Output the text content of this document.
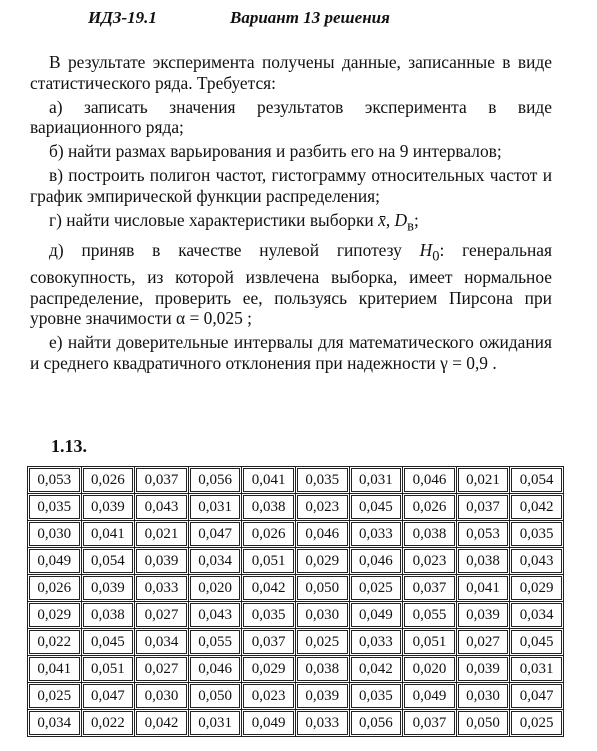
ИДЗ-19.1	Вариант 13 решения

В результате эксперимента получены данные, записанные в виде статистического ряда. Требуется:

а) записать значения результатов эксперимента в виде вариационного ряда;

б) найти размах варьирования и разбить его на 9 интервалов;

в) построить полигон частот, гистограмму относительных частот и график эмпирической функции распределения;

г) найти числовые характеристики выборки x̄, $D_в$;

д) приняв в качестве нулевой гипотезу $H_0$: генеральная совокупность, из которой извлечена выборка, имеет нормальное распределение, проверить ее, пользуясь критерием Пирсона при уровне значимости α = 0,025 ;

е) найти доверительные интервалы для математического ожидания и среднего квадратичного отклонения при надежности γ = 0,9 .

1.13.
0,053	0,026	0,037	0,056	0,041	0,035	0,031	0,046	0,021	0,054

0,035	0,039	0,043	0,031	0,038	0,023	0,045	0,026	0,037	0,042

0,030	0,041	0,021	0,047	0,026	0,046	0,033	0,038	0,053	0,035

0,049	0,054	0,039	0,034	0,051	0,029	0,046	0,023	0,038	0,043

0,026	0,039	0,033	0,020	0,042	0,050	0,025	0,037	0,041	0,029

0,029	0,038	0,027	0,043	0,035	0,030	0,049	0,055	0,039	0,034

0,022	0,045	0,034	0,055	0,037	0,025	0,033	0,051	0,027	0,045

0,041	0,051	0,027	0,046	0,029	0,038	0,042	0,020	0,039	0,031

0,025	0,047	0,030	0,050	0,023	0,039	0,035	0,049	0,030	0,047

0,034	0,022	0,042	0,031	0,049	0,033	0,056	0,037	0,050	0,025
